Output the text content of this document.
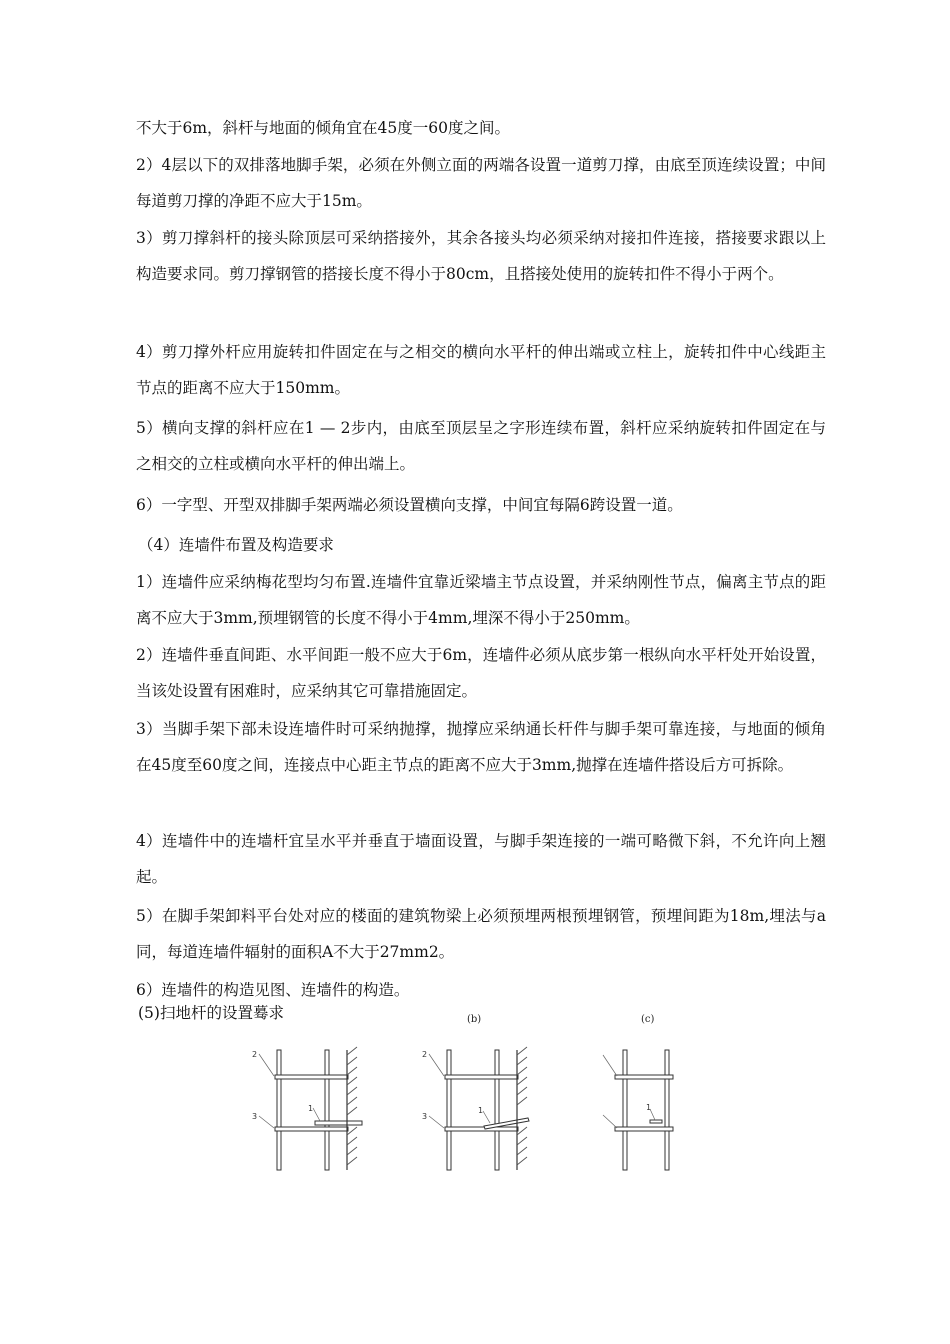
不大于6m，斜杆与地面的倾角宜在45度一60度之间。

2）4层以下的双排落地脚手架，必须在外侧立面的两端各设置一道剪刀撑，由底至顶连续设置；中间每道剪刀撑的净距不应大于15m。

3）剪刀撑斜杆的接头除顶层可采纳搭接外，其余各接头均必须采纳对接扣件连接，搭接要求跟以上构造要求同。剪刀撑钢管的搭接长度不得小于80cm，且搭接处使用的旋转扣件不得小于两个。

4）剪刀撑外杆应用旋转扣件固定在与之相交的横向水平杆的伸出端或立柱上，旋转扣件中心线距主节点的距离不应大于150mm。

5）横向支撑的斜杆应在1 — 2步内，由底至顶层呈之字形连续布置，斜杆应采纳旋转扣件固定在与之相交的立柱或横向水平杆的伸出端上。

6）一字型、开型双排脚手架两端必须设置横向支撑，中间宜每隔6跨设置一道。

（4）连墙件布置及构造要求

1）连墙件应采纳梅花型均匀布置.连墙件宜靠近梁墙主节点设置，并采纳刚性节点，偏离主节点的距离不应大于3mm,预埋钢管的长度不得小于4mm,埋深不得小于250mm。

2）连墙件垂直间距、水平间距一般不应大于6m，连墙件必须从底步第一根纵向水平杆处开始设置，当该处设置有困难时，应采纳其它可靠措施固定。

3）当脚手架下部未设连墙件时可采纳抛撑，抛撑应采纳通长杆件与脚手架可靠连接，与地面的倾角在45度至60度之间，连接点中心距主节点的距离不应大于3mm,抛撑在连墙件搭设后方可拆除。

4）连墙件中的连墙杆宜呈水平并垂直于墙面设置，与脚手架连接的一端可略微下斜，不允许向上翘起。

5）在脚手架卸料平台处对应的楼面的建筑物梁上必须预埋两根预埋钢管，预埋间距为18m,埋法与a同，每道连墙件辐射的面积A不大于27mm2。

6）连墙件的构造见图、连墙件的构造。

(5)扫地杆的设置蓦求	(b)	(c)
2
3
1
2
3
1	1
